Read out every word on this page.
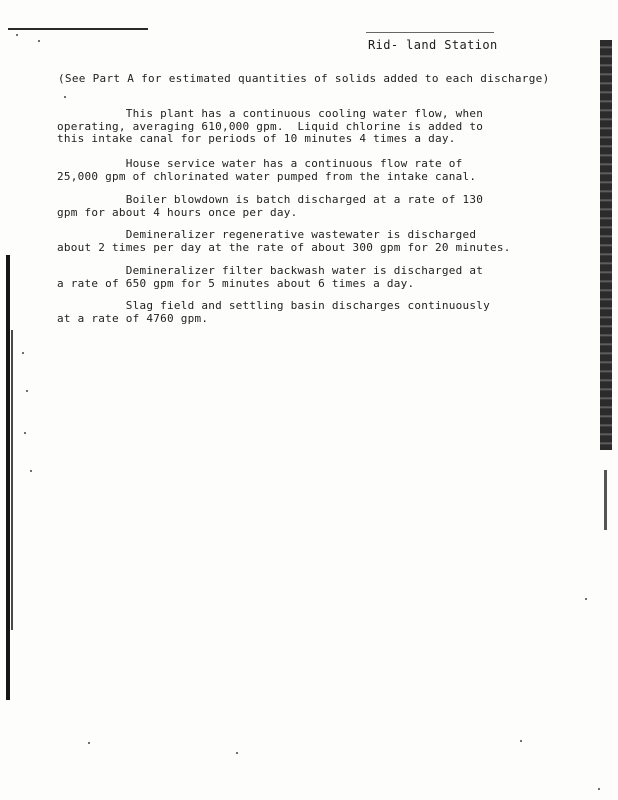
Rid- land Station
(See Part A for estimated quantities of solids added to each discharge)
This plant has a continuous cooling water flow, when
operating, averaging 610,000 gpm.  Liquid chlorine is added to
this intake canal for periods of 10 minutes 4 times a day.
House service water has a continuous flow rate of
25,000 gpm of chlorinated water pumped from the intake canal.
Boiler blowdown is batch discharged at a rate of 130
gpm for about 4 hours once per day.
Demineralizer regenerative wastewater is discharged
about 2 times per day at the rate of about 300 gpm for 20 minutes.
Demineralizer filter backwash water is discharged at
a rate of 650 gpm for 5 minutes about 6 times a day.
Slag field and settling basin discharges continuously
at a rate of 4760 gpm.
